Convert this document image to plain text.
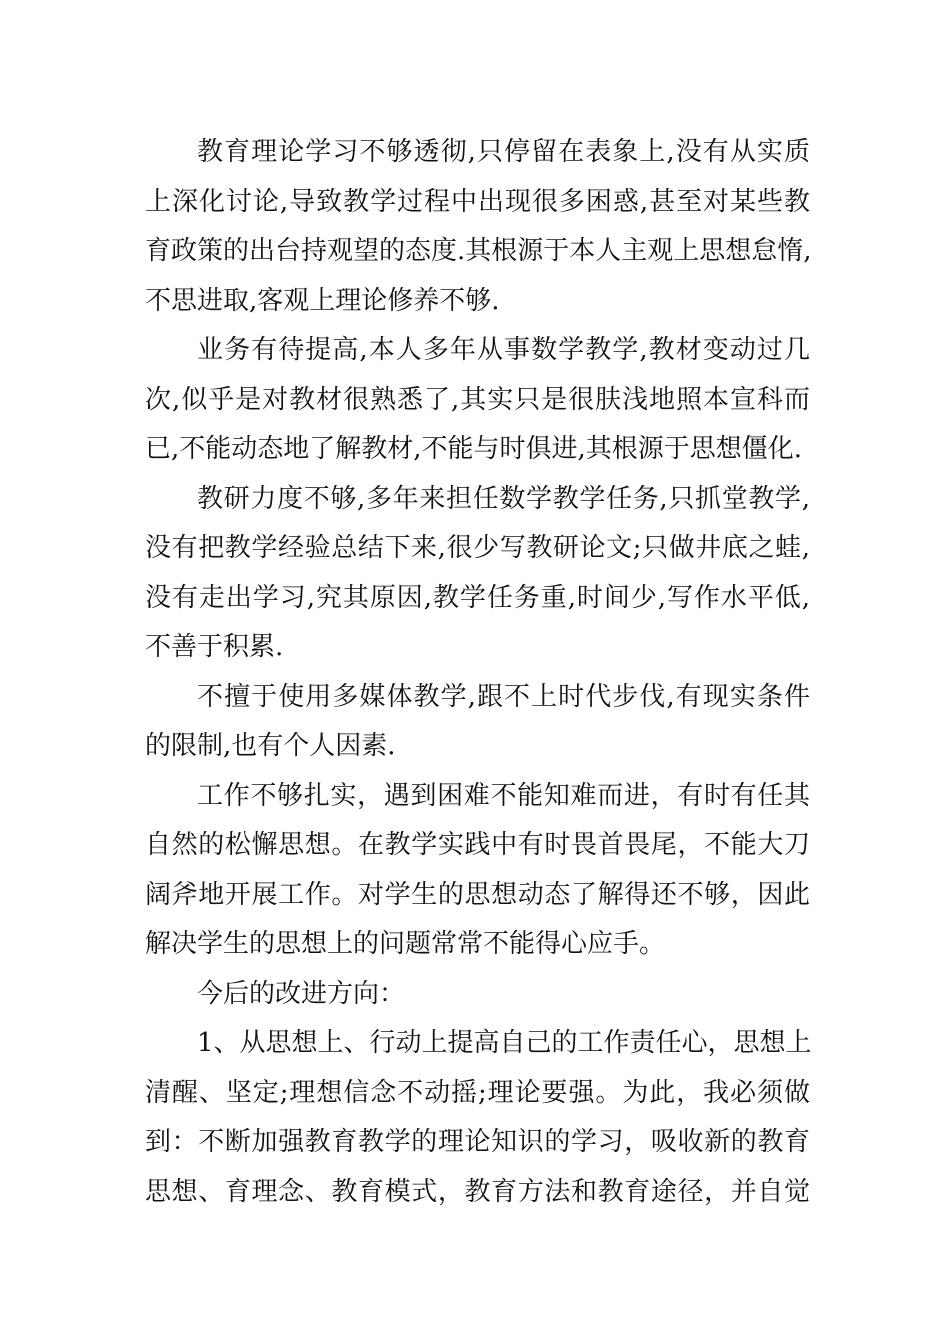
教育理论学习不够透彻,只停留在表象上,没有从实质
上深化讨论,导致教学过程中出现很多困惑,甚至对某些教
育政策的出台持观望的态度.其根源于本人主观上思想怠惰,
不思进取,客观上理论修养不够.
业务有待提高,本人多年从事数学教学,教材变动过几
次,似乎是对教材很熟悉了,其实只是很肤浅地照本宣科而
已,不能动态地了解教材,不能与时俱进,其根源于思想僵化.
教研力度不够,多年来担任数学教学任务,只抓堂教学,
没有把教学经验总结下来,很少写教研论文;只做井底之蛙,
没有走出学习,究其原因,教学任务重,时间少,写作水平低,
不善于积累.
不擅于使用多媒体教学,跟不上时代步伐,有现实条件
的限制,也有个人因素.
工作不够扎实，遇到困难不能知难而进，有时有任其
自然的松懈思想。在教学实践中有时畏首畏尾，不能大刀
阔斧地开展工作。对学生的思想动态了解得还不够，因此
解决学生的思想上的问题常常不能得心应手。
今后的改进方向：
1、从思想上、行动上提高自己的工作责任心，思想上
清醒、坚定;理想信念不动摇;理论要强。为此，我必须做
到：不断加强教育教学的理论知识的学习，吸收新的教育
思想、育理念、教育模式，教育方法和教育途径，并自觉
